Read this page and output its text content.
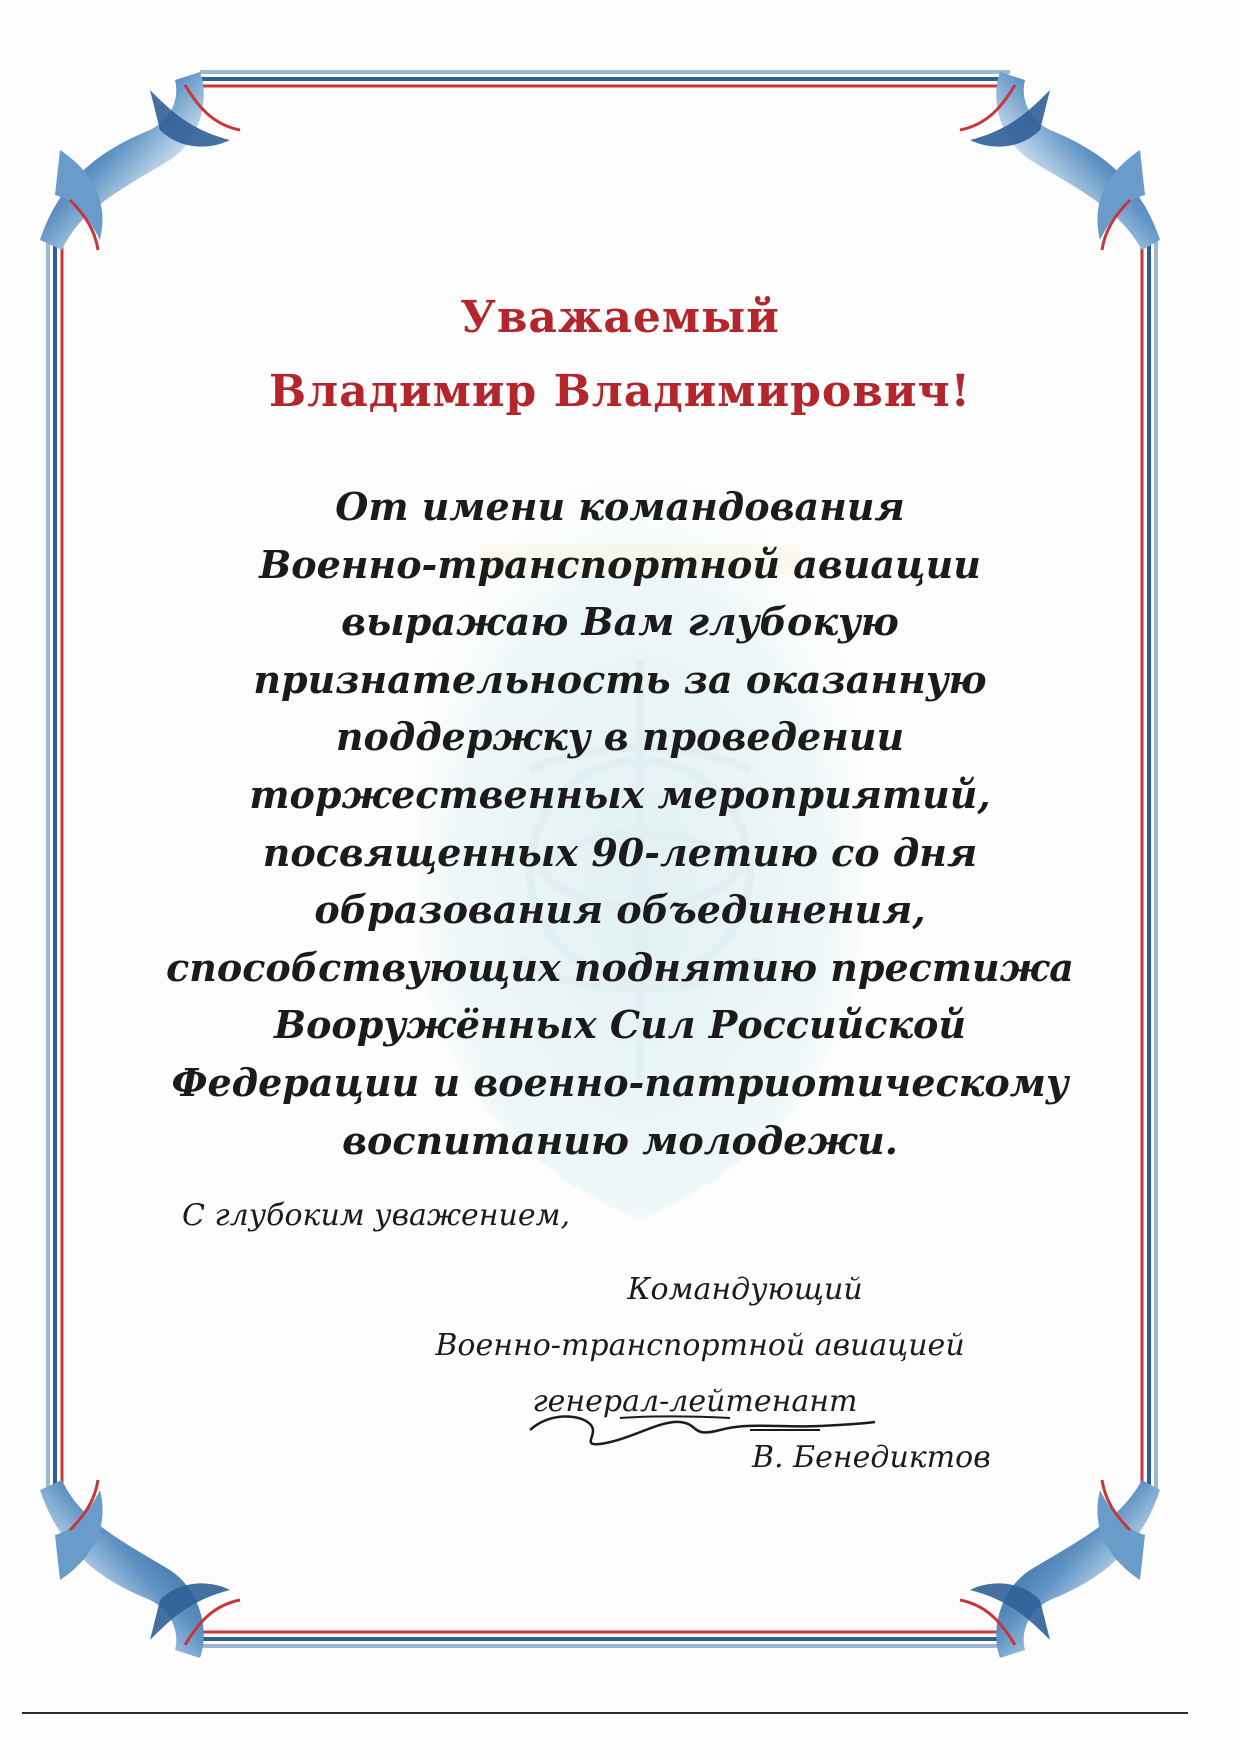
Уважаемый
Владимир Владимирович!
От имени командования
Военно-транспортной авиации
выражаю Вам глубокую
признательность за оказанную
поддержку в проведении
торжественных мероприятий,
посвященных 90-летию со дня
образования объединения,
способствующих поднятию престижа
Вооружённых Сил Российской
Федерации и военно-патриотическому
воспитанию молодежи.
С глубоким уважением,
Командующий
Военно-транспортной авиацией
генерал-лейтенант
В. Бенедиктов
